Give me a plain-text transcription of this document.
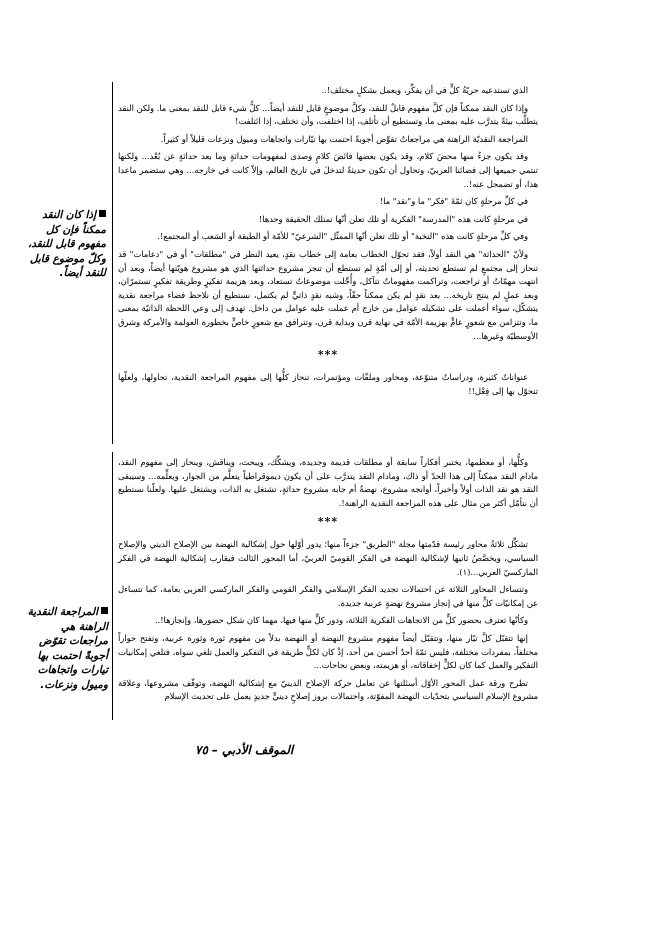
الذي تستدعيه حريّةُ كلٍّ في أن يفكِّر، ويعمل بشكلٍ مختلف!..

وإذا كان النقد ممكناً فإن كلَّ مفهوم قابلٌ للنقد، وكلَّ موضوعٍ قابل للنقد أيضاً... كلُّ شيء قابل للنقد بمعنى ما. ولكن النقد يتطلَّب بيئةً يتدرَّب عليه بمعنى ما، وتستطيع أن تأتلف، إذا اختلفت، وأن تختلف، إذا ائتلفت!

المراجعة النقديّة الراهنة هي مراجعاتٌ تقوِّض أجوبةً احتمت بها تيّارات واتجاهات وميول ونزعات قليلاً أو كثيراً.

وقد يكون جزءٌ منها محضَ كلام، وقد يكون بعضها فائضَ كلامٍ وصدى لمفهومات حداثةٍ وما بعد حداثةٍ عن بُعْد... ولكنها تنتمي جميعها إلى فضائنا العربيّ، وتحاول أن تكون حديثةً لتدخلَ في تاريخ العالم، وإلاّ كانت في خارجه... وهي ستضمر ماعدا هذا، أو تضمحل عنه!..

في كلِّ مرحلةٍ كان ثمّةَ "فكر" ما و"نقد" ما!

في مرحلةٍ كانت هذه "المدرسة" الفكرية أو تلك تعلن أنّها تمتلك الحقيقة وحدها!

وفي كلِّ مرحلةٍ كانت هذه "النخبة" أو تلك تعلن أنّها الممثّل "الشرعيّ" للأمّة أو الطبقة أو الشعب أو المجتمع!.

ولأنّ "الحداثة" هي النقد أولاً، فقد تحوّل الخطاب بعامة إلى خطاب نقدٍ، يعيد النظر في "مطلقات" أو في "دعامات" قد تنحاز إلى مجتمعٍ لم تستطع تحديثه، أو إلى أمّةٍ لم تستطع أن تنجز مشروع حداثتها الذي هو مشروع هويّتها أيضاً، وبعد أن انتهت مهمّاتٌ أو تراجعت، وتراكمت مفهوماتٌ تتآكل، وأُجِّلت موضوعاتٌ تستعاد، وبعد هزيمة تفكيرٍ وطريقة تفكيرٍ تستمرّان، وبعد عملٍ لم ينتج تاريخه... بعد نقدٍ لم يكن ممكناً حقّاً، وشبه نقدٍ ذاتيٍّ لم يكتمل، نستطيع أن نلاحظ فضاء مراجعة نقدية يتشكّل، سواء أعملت على تشكيله عوامل من خارج أم عملت عليه عوامل من داخل. تهدف إلى وعي اللحظة الذاتيّة بمعنى ما، وتتزامن مع شعورٍ عامٍّ بهزيمة الأمّة في نهاية قرن وبداية قرن، وتترافق مع شعورٍ خاصٍّ بخطورة العولمة والأمركة وشرق الأوسطيّة وغيرها...

***

عنواناتٌ كثيرة، ودراساتٌ متنوّعة، ومحاور وملفّات ومؤتمرات، تنحاز كلُّها إلى مفهوم المراجعة النقدية، تحاولها، ولعلّها تتحوّل بها إلى فِعْل!!

وكلُّها، أو معظمها، يختبر أفكاراً سابقة أو مطلقات قديمة وجديدة، ويشكِّك، ويبحث، ويناقش، وينحاز إلى مفهوم النقد، مادام النقد ممكناً إلى هذا الحدّ أو ذاك، ومادام النقد يتدرَّب على أن يكون ديموقراطياً يتعلَّم من الجوار، ويعلِّمه... وسيبقى النقد هو نقد الذات أولاً وأخيراً، أوانجه مشروع، نهضةٌ أم جابه مشروع حداثةٍ، تشتغل به الذات، ويشتغل عليها. ولعلّنا نستطيع أن نتأمّل أكثر من مثال على هذه المراجعة النقدية الراهنة!.

***

تشكِّل ثلاثةُ محاور رئيسة قدّمتها مجلة "الطريق" جزءاً منها؛ يدور أوّلها حول إشكالية النهضة بين الإصلاح الديني والإصلاح السياسي، ويخصَّصُ ثانيها لإشكالية النهضة في الفكر القوميّ العربيّ، أما المحور الثالث فيقارب إشكالية النهضة في الفكر الماركسيّ العربي...(١).

وتتساءل المحاور الثلاثة عن احتمالات تجديد الفكر الإسلامي والفكر القومي والفكر الماركسي العربي بعامة، كما تتساءل عن إمكانيّات كلٍّ منها في إنجاز مشروع نهضةٍ عربية جديدة.

وكأنّها تعترف بحضور كلٍّ من الاتجاهات الفكرية الثلاثة، ودور كلٍّ منها فيها، مهما كان شكل حضورها، وإنجازها!..

إنها تتقبّل كلَّ تيّار منها، وتتقبّل أيضاً مفهوم مشروع النهضة أو النهضة بدلاً من مفهوم ثورة وثورة عربية، وتفتح حواراً مختلفاً، بمفردات مختلفة، فليس ثمّةَ أحدٌ أحسن من أحد، إذْ كان لكلٍّ طريقة في التفكير والعمل تلغي سواه، فتلغي إمكانيات التفكير والعمل كما كان لكلٍّ إخفاقاته، أو هزيمته، وبعض نجاحات...

تطرح ورقة عمل المحور الأوّل أسئلتها عن تعامل حركة الإصلاح الدينيّ مع إشكالية النهضة، وتوقّف مشروعها، وعلاقة مشروع الإسلام السياسي بتحدّيات النهضة المفوّتة، واحتمالات بروز إصلاحٍ دينيٍّ جديدٍ يعمل على تحديث الإسلام

إذا كان النقد ممكناً فإن كل مفهوم قابل للنقد، وكلّ موضوع قابل للنقد أيضاً.
المراجعة النقدية الراهنة هي مراجعات تقوّض أجوبةً احتمت بها تيارات واتجاهات وميول ونزعات.
الموقف الأدبي–٧٥
